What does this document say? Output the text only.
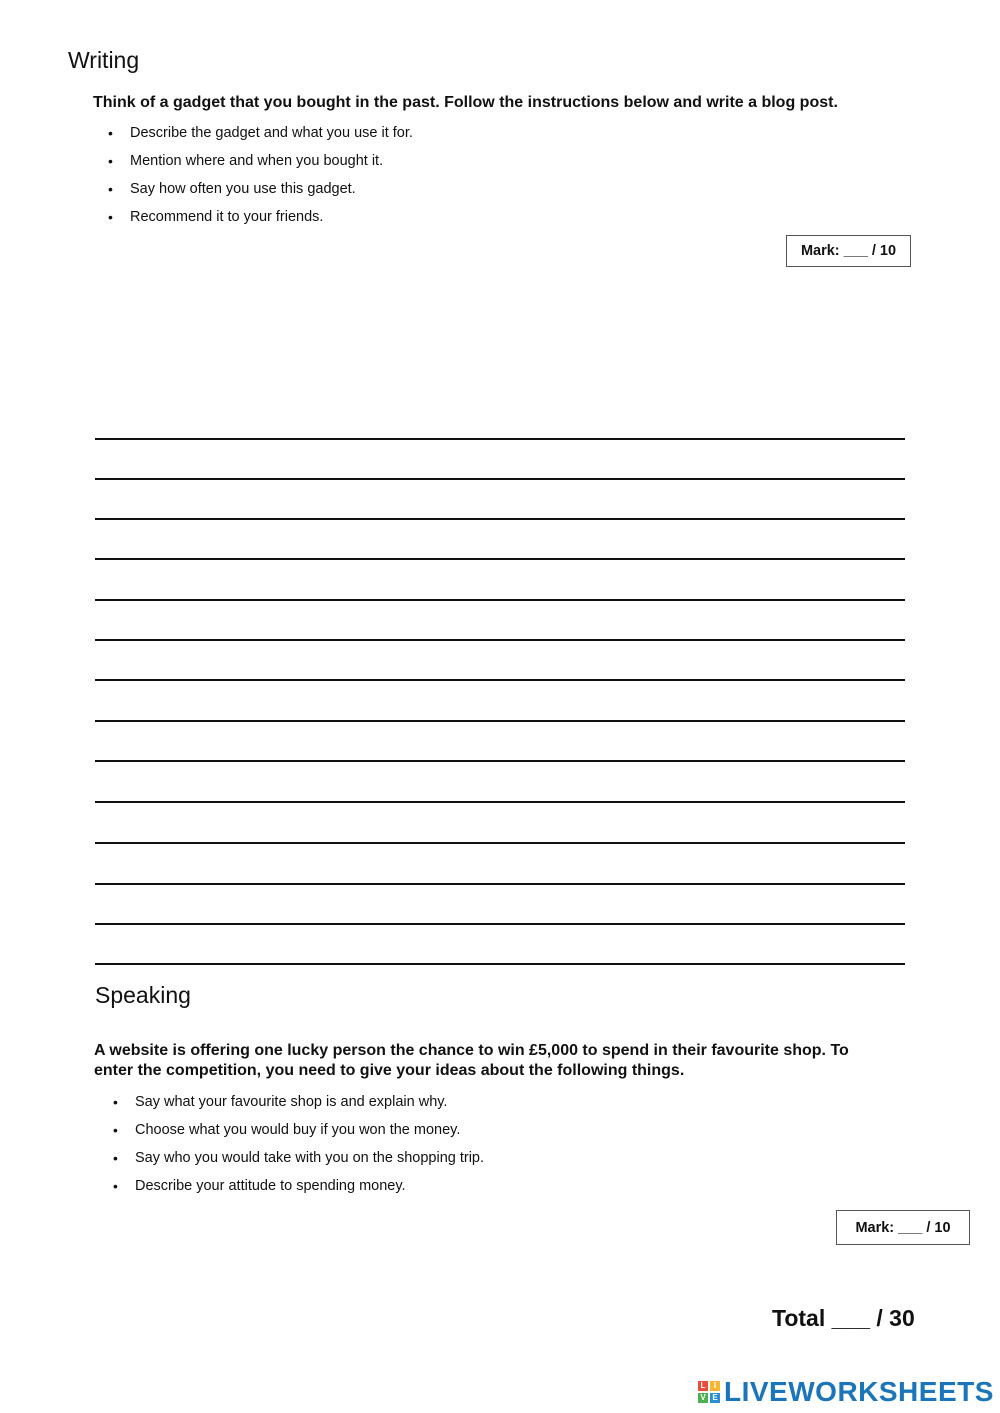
Writing
Think of a gadget that you bought in the past. Follow the instructions below and write a blog post.
• Describe the gadget and what you use it for.
• Mention where and when you bought it.
• Say how often you use this gadget.
• Recommend it to your friends.
Mark: ___ / 10
Speaking
A website is offering one lucky person the chance to win £5,000 to spend in their favourite shop. To
enter the competition, you need to give your ideas about the following things.
• Say what your favourite shop is and explain why.
• Choose what you would buy if you won the money.
• Say who you would take with you on the shopping trip.
• Describe your attitude to spending money.
Mark: ___ / 10
Total ___ / 30
L	I
V E LIVEWORKSHEETS
